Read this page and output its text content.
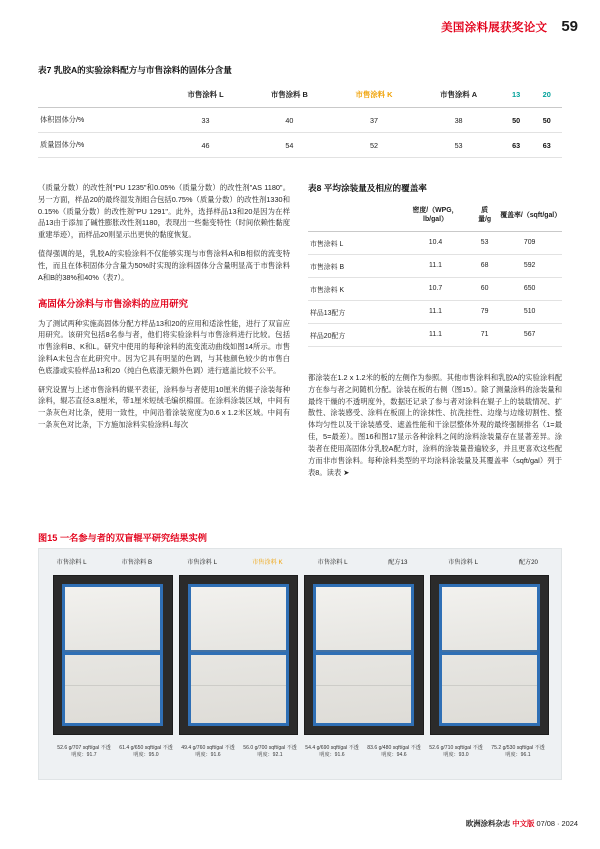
美国涂料展获奖论文 59
表7 乳胶A的实验涂料配方与市售涂料的固体分含量
	市售涂料 L	市售涂料 B	市售涂料 K	市售涂料 A	13	20
体积固体分/%	33	40	37	38	50	50
质量固体分/%	46	54	52	53	63	63

（质量分数）的改性剂"PU 1235"和0.05%（质量分数）的改性剂"AS 1180"。另一方面，样品20的最终湿发剂组合包括0.75%（质量分数）的改性剂1330和0.15%（质量分数）的改性剂"PU 1291"。此外，选择样品13和20是因为在样品13由于添加了碱性膨胀改性剂1180，表现出一些黏变特性（时间依赖性黏度重建举迹），而样品20则显示出更快的黏度恢复。

值得强调的是，乳胶A的实验涂料不仅能够实现与市售涂料A和B相似的流变特性，而且在体积固体分含量为50%时实现的涂料固体分含量明显高于市售涂料A和B的38%和40%（表7）。

高固体分涂料与市售涂料的应用研究

为了测试两种实施高固体分配方样品13和20的应用和适涂性能，进行了双盲应用研究。该研究包括8名参与者，他们将实验涂料与市售涂料进行比较。包括市售涂料B、K和L。研究中使用的每种涂料的流变流动曲线如图14所示。市售涂料A未包含在此研究中。因为它具有明显的色调，与其他颜色较少的市售白色底漆或实验样品13和20（纯白色底漆无额外色调）进行遮盖比较不公平。

研究设置与上述市售涂料的辊平表征，涂料参与者使用10厘米的辊子涂装每种涂料，辊芯直径3.8厘米，带1厘米短绒毛编织棉面。在涂料涂装区域，中间有一条灰色对比条，使用一致性，中间沿着涂装宽度为0.6 x 1.2米区域。中间有一条灰色对比条，下方施加涂料实验涂料L每次

表8 平均涂装量及相应的覆盖率
	密度/（WPG，lb/gal）	质量/g	覆盖率/（sqft/gal）
市售涂料 L	10.4	53	709
市售涂料 B	11.1	68	592
市售涂料 K	10.7	60	650
样品13配方	11.1	79	510
样品20配方	11.1	71	567

都涂装在1.2 x 1.2米的板的左侧作为参照。其他市售涂料和乳胶A的实验涂料配方在参与者之间随机分配。涂装在板的右侧（图15）。除了测量涂料的涂装量和最终干燥的不透明度外，数据还记录了参与者对涂料在辊子上的装载情况、扩散性、涂装感受、涂料在板面上的涂抹性、抗洗挂性、边缘与边缘切割性、整体均匀性以及干涂装感受、遮盖性能和干涂层整体外观的最终强制排名（1=最佳，5=最差）。图16和图17显示各种涂料之间的涂料涂装量存在显著差异。涂装者在使用高固体分乳胶A配方时，涂料的涂装量普遍较多，并且更喜欢这些配方而非市售涂料。每种涂料类型的平均涂料涂装量及其覆盖率（sqft/gal）列于表8。读表 ➤

图15 一名参与者的双盲辊平研究结果实例
市售涂料 L	市售涂料 B	市售涂料 L	市售涂料 K	市售涂料 L	配方13	市售涂料 L	配方20
52.6 g/707 sqft/gal 不透明度：91.7
61.4 g/650 sqft/gal 不透明度：95.0
49.4 g/760 sqft/gal 不透明度：91.6
56.0 g/700 sqft/gal 不透明度：92.1
54.4 g/690 sqft/gal 不透明度：91.6
83.6 g/480 sqft/gal 不透明度：94.6
52.6 g/710 sqft/gal 不透明度：93.0
75.2 g/530 sqft/gal 不透明度：96.1
欧洲涂料杂志 中文版 07/08 · 2024
